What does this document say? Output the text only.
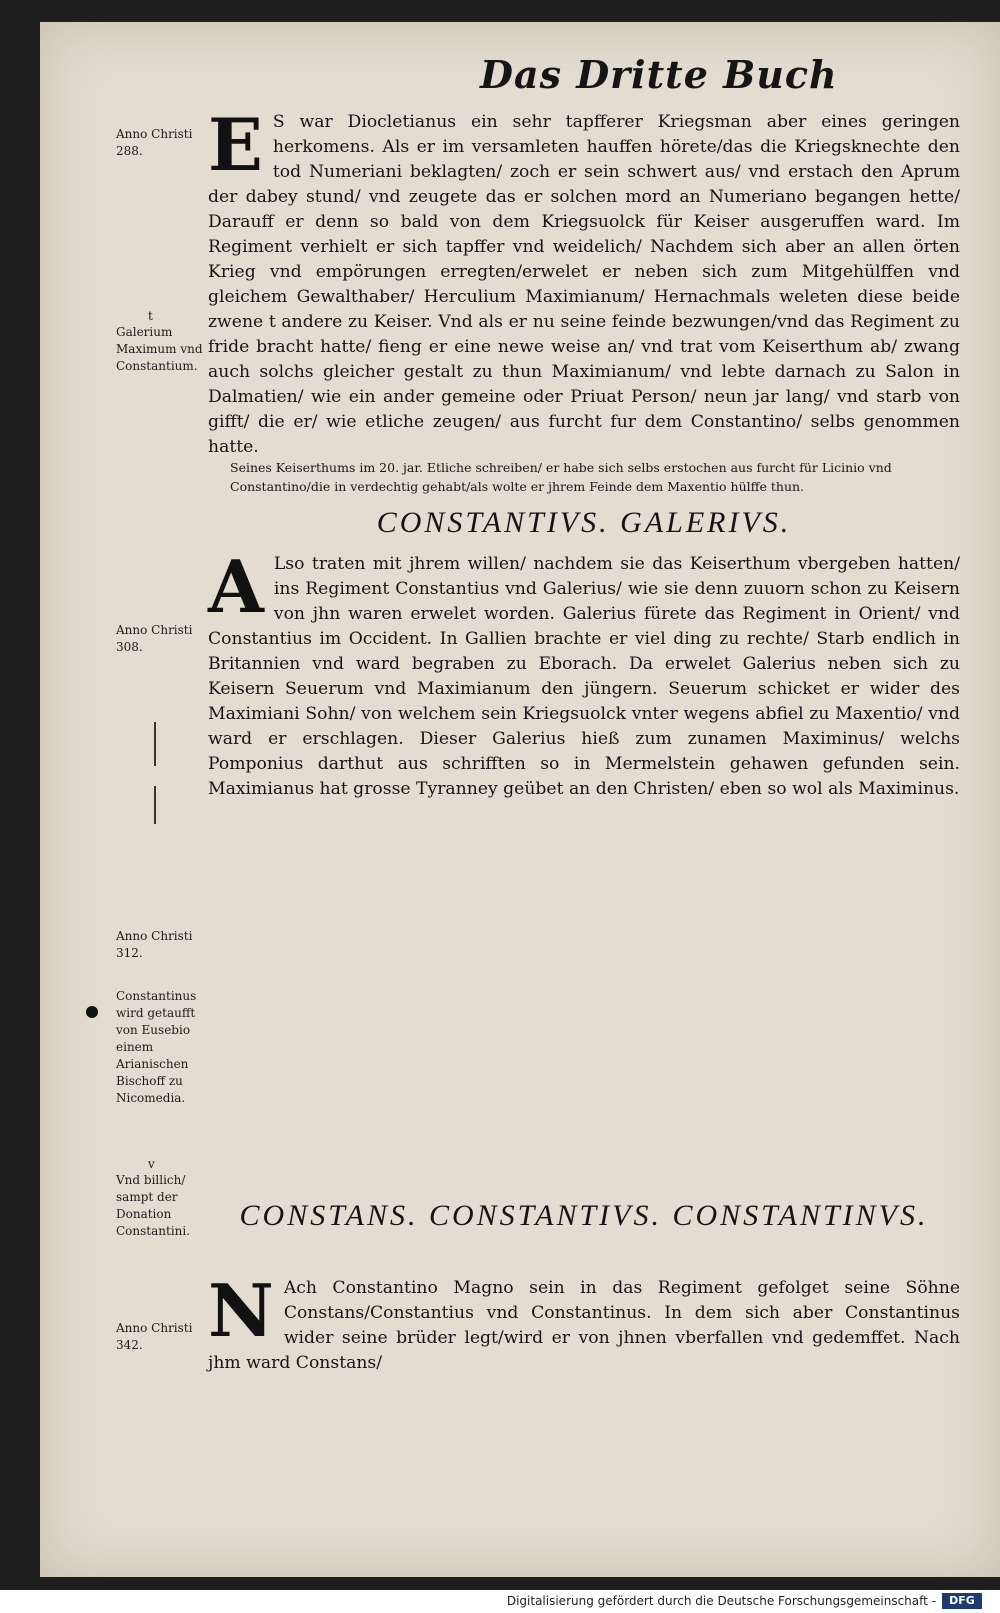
Das Dritte Buch
Anno Christi 288.
t
Galerium Maximum vnd Constantium.
Anno Christi 308.
Anno Christi 312.
Constantinus wird getaufft von Eusebio einem Arianischen Bischoff zu Nicomedia.
v
Vnd billich/ sampt der Donation Constantini.
Anno Christi 342.

E S war Diocletianus ein sehr tapfferer Kriegsman aber eines geringen herkomens. Als er im versamleten hauffen hörete/das die Kriegsknechte den tod Numeriani beklagten/ zoch er sein schwert aus/ vnd erstach den Aprum der dabey stund/ vnd zeugete das er solchen mord an Numeriano begangen hette/ Darauff er denn so bald von dem Kriegsuolck für Keiser ausgeruffen ward. Im Regiment verhielt er sich tapffer vnd weidelich/ Nachdem sich aber an allen örten Krieg vnd empörungen erregten/erwelet er neben sich zum Mitgehülffen vnd gleichem Gewalthaber/ Herculium Maximianum/ Hernachmals weleten diese beide zwene t andere zu Keiser. Vnd als er nu seine feinde bezwungen/vnd das Regiment zu fride bracht hatte/ fieng er eine newe weise an/ vnd trat vom Keiserthum ab/ zwang auch solchs gleicher gestalt zu thun Maximianum/ vnd lebte darnach zu Salon in Dalmatien/ wie ein ander gemeine oder Priuat Person/ neun jar lang/ vnd starb von gifft/ die er/ wie etliche zeugen/ aus furcht fur dem Constantino/ selbs genommen hatte.

Seines Keiserthums im 20. jar. Etliche schreiben/ er habe sich selbs erstochen aus furcht für Licinio vnd Constantino/die in verdechtig gehabt/als wolte er jhrem Feinde dem Maxentio hülffe thun.
CONSTANTIVS. GALERIVS.

A Lso traten mit jhrem willen/ nachdem sie das Keiserthum vbergeben hatten/ ins Regiment Constantius vnd Galerius/ wie sie denn zuuorn schon zu Keisern von jhn waren erwelet worden. Galerius fürete das Regiment in Orient/ vnd Constantius im Occident. In Gallien brachte er viel ding zu rechte/ Starb endlich in Britannien vnd ward begraben zu Eborach. Da erwelet Galerius neben sich zu Keisern Seuerum vnd Maximianum den jüngern. Seuerum schicket er wider des Maximiani Sohn/ von welchem sein Kriegsuolck vnter wegens abfiel zu Maxentio/ vnd ward er erschlagen. Dieser Galerius hieß zum zunamen Maximinus/ welchs Pomponius darthut aus schrifften so in Mermelstein gehawen gefunden sein. Maximianus hat grosse Tyranney geübet an den Christen/ eben so wol als Maximinus.

CONSTANS. CONSTANTIVS. CONSTANTINVS.

N Ach Constantino Magno sein in das Regiment gefolget seine Söhne Constans/Constantius vnd Constantinus. In dem sich aber Constantinus wider seine brüder legt/wird er von jhnen vberfallen vnd gedemffet. Nach jhm ward Constans/

Digitalisierung gefördert durch die Deutsche Forschungsgemeinschaft -	DFG
